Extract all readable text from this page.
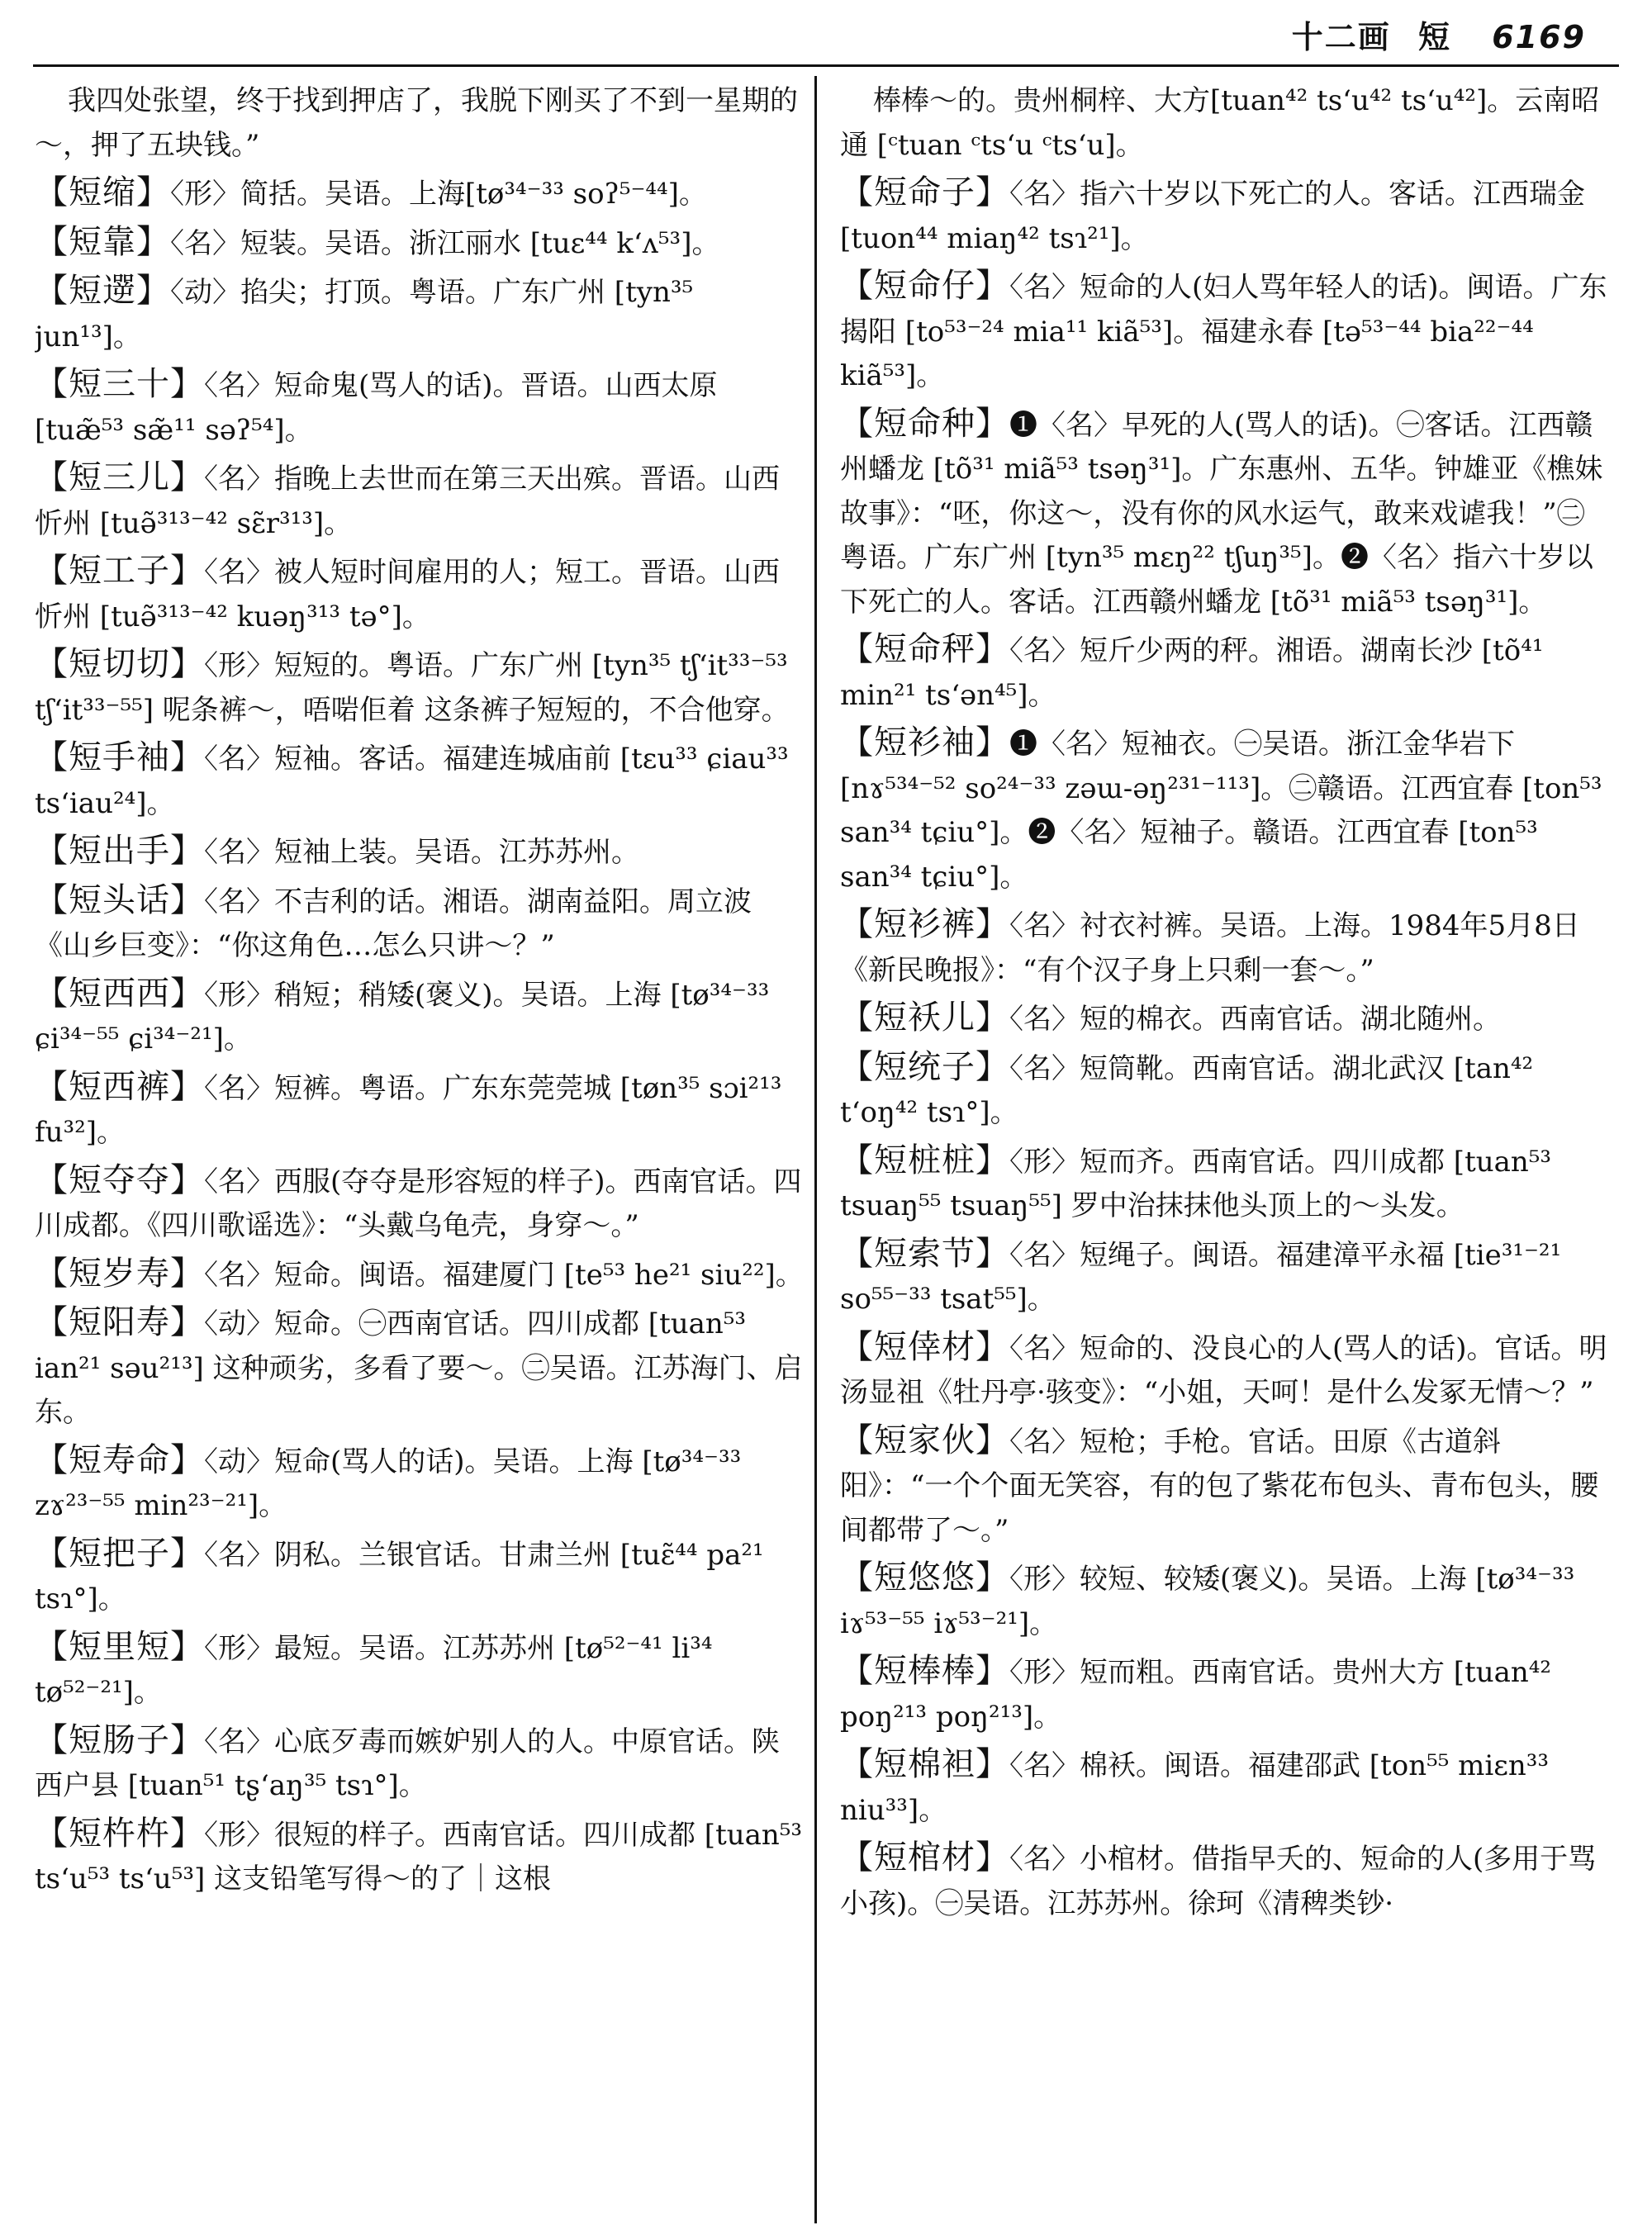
十二画 短 6169
我四处张望，终于找到押店了，我脱下刚买了不到一星期的～，押了五块钱。”
【短缩】〈形〉简括。吴语。上海[tø³⁴⁻³³ soʔ⁵⁻⁴⁴]。
【短靠】〈名〉短装。吴语。浙江丽水 [tuɛ⁴⁴ k‘ʌ⁵³]。
【短遻】〈动〉掐尖；打顶。粤语。广东广州 [tyn³⁵ jun¹³]。
【短三十】〈名〉短命鬼(骂人的话)。晋语。山西太原 [tuæ̃⁵³ sæ̃¹¹ səʔ⁵⁴]。
【短三儿】〈名〉指晚上去世而在第三天出殡。晋语。山西忻州 [tuə̃³¹³⁻⁴² sɛ̃r³¹³]。
【短工子】〈名〉被人短时间雇用的人；短工。晋语。山西忻州 [tuə̃³¹³⁻⁴² kuəŋ³¹³ tə°]。
【短切切】〈形〉短短的。粤语。广东广州 [tyn³⁵ tʃ‘it³³⁻⁵³ tʃ‘it³³⁻⁵⁵] 呢条裤～，唔啱佢着 这条裤子短短的，不合他穿。
【短手袖】〈名〉短袖。客话。福建连城庙前 [tɛu³³ ɕiau³³ ts‘iau²⁴]。
【短出手】〈名〉短袖上装。吴语。江苏苏州。
【短头话】〈名〉不吉利的话。湘语。湖南益阳。周立波《山乡巨变》：“你这角色…怎么只讲～？”
【短西西】〈形〉稍短；稍矮(褒义)。吴语。上海 [tø³⁴⁻³³ ɕi³⁴⁻⁵⁵ ɕi³⁴⁻²¹]。
【短西裤】〈名〉短裤。粤语。广东东莞莞城 [tøn³⁵ sɔi²¹³ fu³²]。
【短夺夺】〈名〉西服(夺夺是形容短的样子)。西南官话。四川成都。《四川歌谣选》：“头戴乌龟壳，身穿～。”
【短岁寿】〈名〉短命。闽语。福建厦门 [te⁵³ he²¹ siu²²]。
【短阳寿】〈动〉短命。㊀西南官话。四川成都 [tuan⁵³ ian²¹ səu²¹³] 这种顽劣，多看了要～。㊁吴语。江苏海门、启东。
【短寿命】〈动〉短命(骂人的话)。吴语。上海 [tø³⁴⁻³³ zɤ²³⁻⁵⁵ min²³⁻²¹]。
【短把子】〈名〉阴私。兰银官话。甘肃兰州 [tuɛ̃⁴⁴ pa²¹ tsɿ°]。
【短里短】〈形〉最短。吴语。江苏苏州 [tø⁵²⁻⁴¹ li³⁴ tø⁵²⁻²¹]。
【短肠子】〈名〉心底歹毒而嫉妒别人的人。中原官话。陕西户县 [tuan⁵¹ tʂ‘aŋ³⁵ tsɿ°]。
【短杵杵】〈形〉很短的样子。西南官话。四川成都 [tuan⁵³ ts‘u⁵³ ts‘u⁵³] 这支铅笔写得～的了｜这根
棒棒～的。贵州桐梓、大方[tuan⁴² ts‘u⁴² ts‘u⁴²]。云南昭通 [ᶜtuan ᶜts‘u ᶜts‘u]。
【短命子】〈名〉指六十岁以下死亡的人。客话。江西瑞金 [tuon⁴⁴ miaŋ⁴² tsɿ²¹]。
【短命仔】〈名〉短命的人(妇人骂年轻人的话)。闽语。广东揭阳 [to⁵³⁻²⁴ mia¹¹ kiã⁵³]。福建永春 [tə⁵³⁻⁴⁴ bia²²⁻⁴⁴ kiã⁵³]。
【短命种】❶〈名〉早死的人(骂人的话)。㊀客话。江西赣州蟠龙 [tõ³¹ miã⁵³ tsəŋ³¹]。广东惠州、五华。钟雄亚《樵妹故事》：“呸，你这～，没有你的风水运气，敢来戏谑我！”㊁粤语。广东广州 [tyn³⁵ mɛŋ²² tʃuŋ³⁵]。❷〈名〉指六十岁以下死亡的人。客话。江西赣州蟠龙 [tõ³¹ miã⁵³ tsəŋ³¹]。
【短命秤】〈名〉短斤少两的秤。湘语。湖南长沙 [tõ⁴¹ min²¹ ts‘ən⁴⁵]。
【短衫袖】❶〈名〉短袖衣。㊀吴语。浙江金华岩下 [nɤ⁵³⁴⁻⁵² so²⁴⁻³³ zəɯ-əŋ²³¹⁻¹¹³]。㊁赣语。江西宜春 [ton⁵³ san³⁴ tɕiu°]。❷〈名〉短袖子。赣语。江西宜春 [ton⁵³ san³⁴ tɕiu°]。
【短衫裤】〈名〉衬衣衬裤。吴语。上海。1984年5月8日《新民晚报》：“有个汉子身上只剩一套～。”
【短袄儿】〈名〉短的棉衣。西南官话。湖北随州。
【短统子】〈名〉短筒靴。西南官话。湖北武汉 [tan⁴² t‘oŋ⁴² tsɿ°]。
【短桩桩】〈形〉短而齐。西南官话。四川成都 [tuan⁵³ tsuaŋ⁵⁵ tsuaŋ⁵⁵] 罗中治抹抹他头顶上的～头发。
【短索节】〈名〉短绳子。闽语。福建漳平永福 [tie³¹⁻²¹ so⁵⁵⁻³³ tsat⁵⁵]。
【短倖材】〈名〉短命的、没良心的人(骂人的话)。官话。明汤显祖《牡丹亭·骇变》：“小姐，天呵！是什么发冢无情～？”
【短家伙】〈名〉短枪；手枪。官话。田原《古道斜阳》：“一个个面无笑容，有的包了紫花布包头、青布包头，腰间都带了～。”
【短悠悠】〈形〉较短、较矮(褒义)。吴语。上海 [tø³⁴⁻³³ iɤ⁵³⁻⁵⁵ iɤ⁵³⁻²¹]。
【短棒棒】〈形〉短而粗。西南官话。贵州大方 [tuan⁴² poŋ²¹³ poŋ²¹³]。
【短棉袒】〈名〉棉袄。闽语。福建邵武 [ton⁵⁵ miɛn³³ niu³³]。
【短棺材】〈名〉小棺材。借指早夭的、短命的人(多用于骂小孩)。㊀吴语。江苏苏州。徐珂《清稗类钞·
